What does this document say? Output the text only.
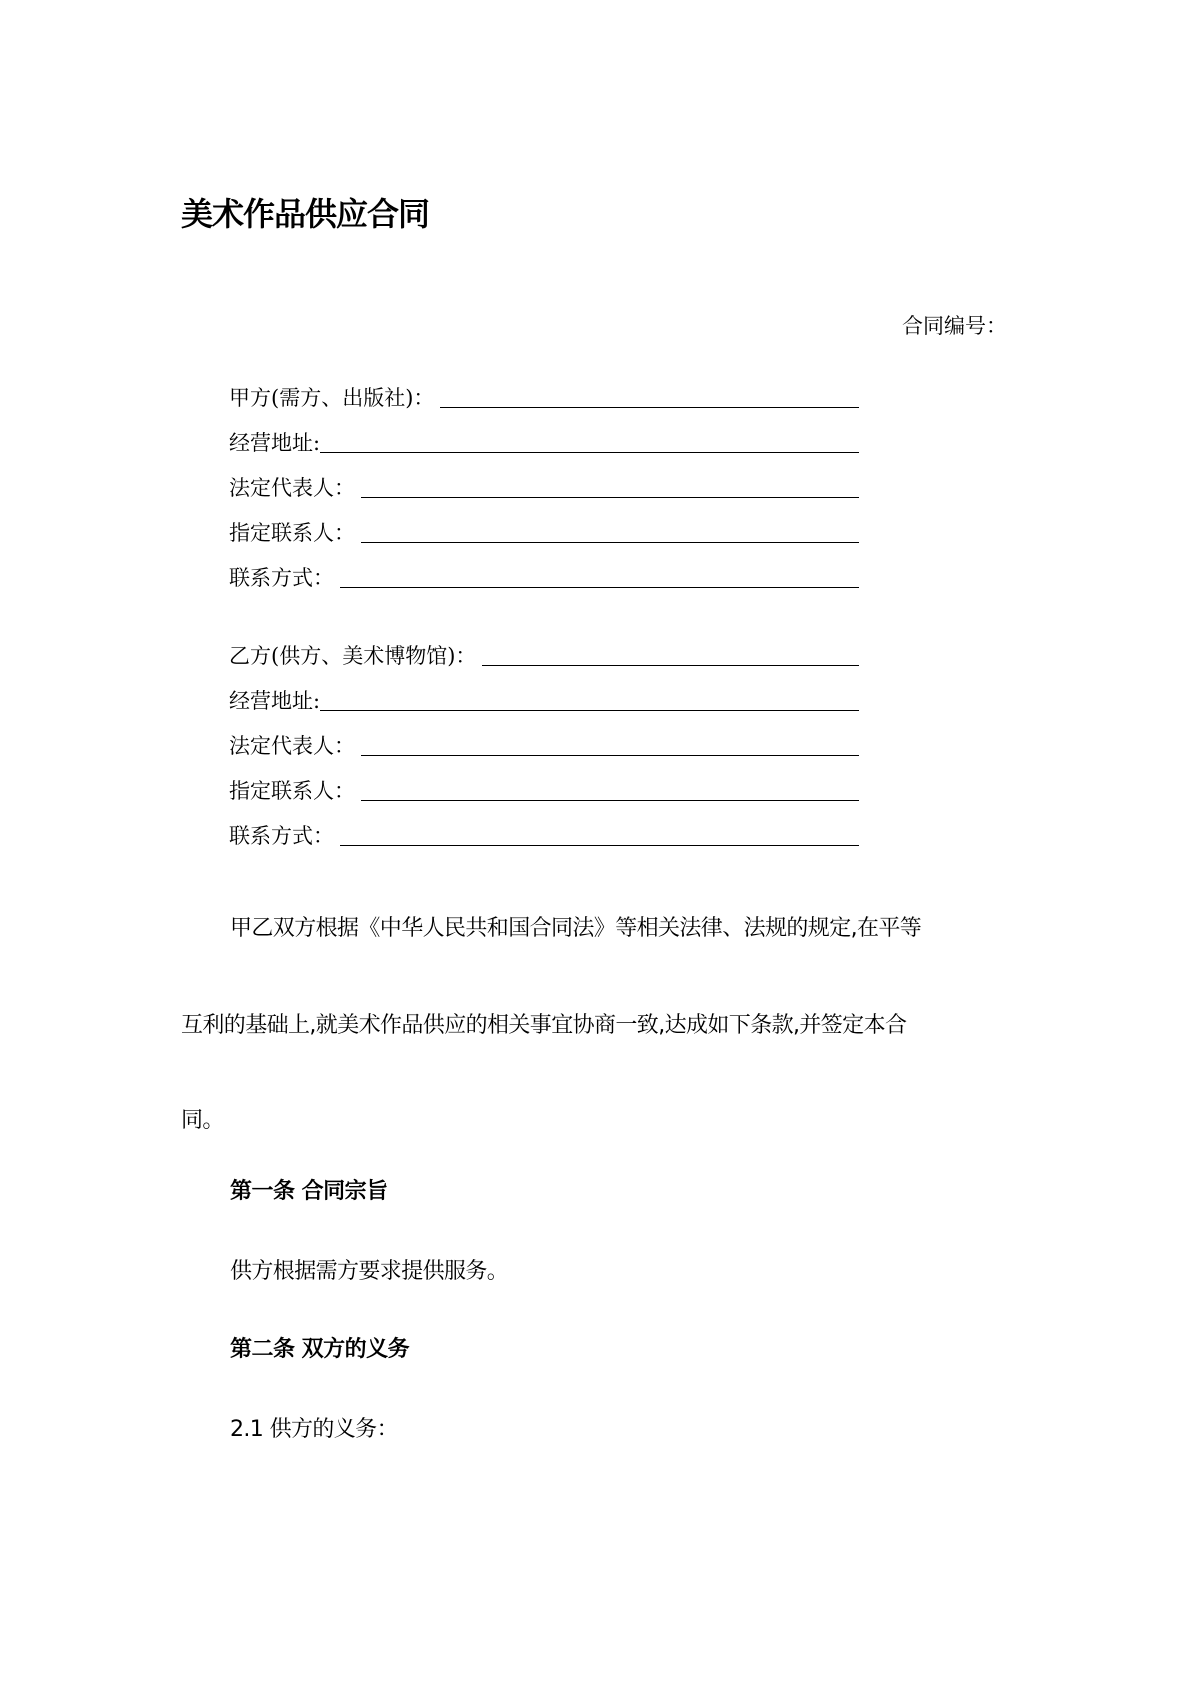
美术作品供应合同
合同编号：
甲方(需方、出版社)：
经营地址:
法定代表人：
指定联系人：
联系方式：
乙方(供方、美术博物馆)：
经营地址:
法定代表人：
指定联系人：
联系方式：
甲乙双方根据《中华人民共和国合同法》等相关法律、法规的规定,在平等
互利的基础上,就美术作品供应的相关事宜协商一致,达成如下条款,并签定本合
同。
第一条 合同宗旨
供方根据需方要求提供服务。
第二条 双方的义务
2.1 供方的义务：
